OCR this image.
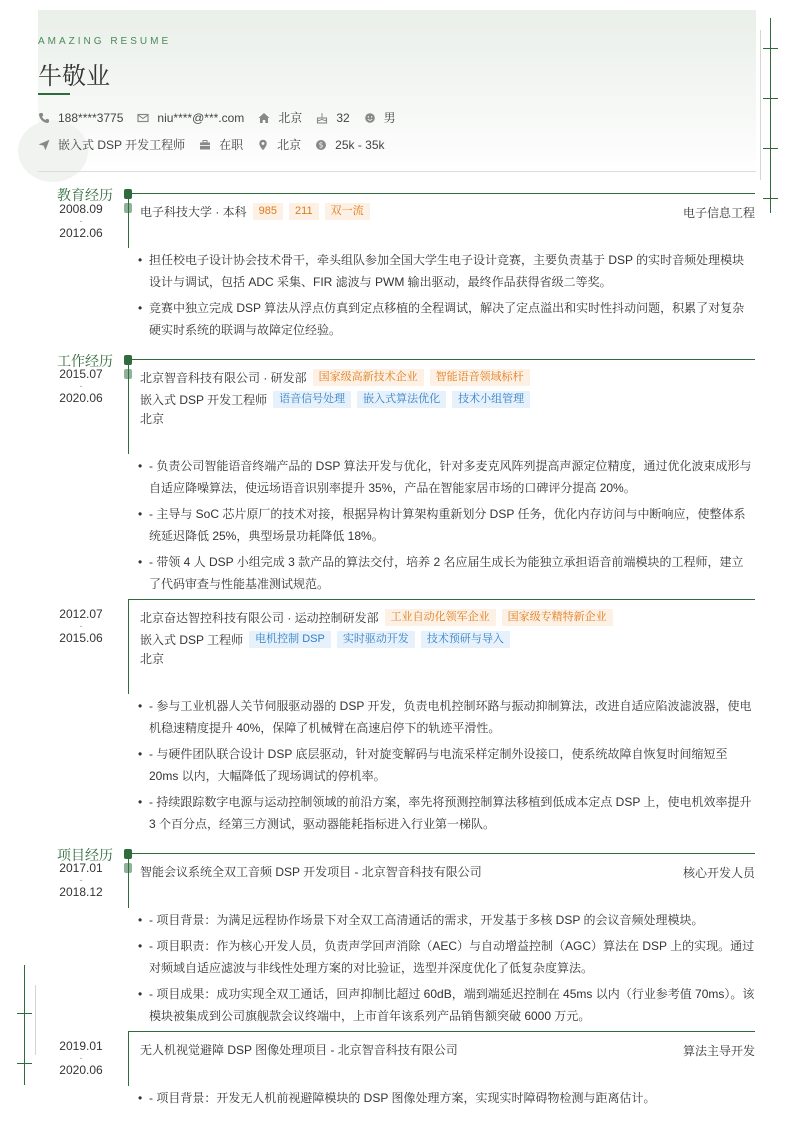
AMAZING RESUME
牛敬业
188****3775	niu****@***.com	北京	32	男
嵌入式 DSP 开发工程师	在职	北京 $ 25k - 35k
教育经历
2008.09
-
2012.06
电子科技大学 · 本科	985	211	双一流	电子信息工程
• 担任校电子设计协会技术骨干，牵头组队参加全国大学生电子设计竞赛，主要负责基于 DSP 的实时音频处理模块设计与调试，包括 ADC 采集、FIR 滤波与 PWM 输出驱动，最终作品获得省级二等奖。
• 竞赛中独立完成 DSP 算法从浮点仿真到定点移植的全程调试，解决了定点溢出和实时性抖动问题，积累了对复杂硬实时系统的联调与故障定位经验。
工作经历
2015.07
-
2020.06
北京智音科技有限公司 · 研发部	国家级高新技术企业	智能语音领域标杆
嵌入式 DSP 开发工程师	语音信号处理	嵌入式算法优化	技术小组管理
北京
• - 负责公司智能语音终端产品的 DSP 算法开发与优化，针对多麦克风阵列提高声源定位精度，通过优化波束成形与自适应降噪算法，使远场语音识别率提升 35%，产品在智能家居市场的口碑评分提高 20%。
• - 主导与 SoC 芯片原厂的技术对接，根据异构计算架构重新划分 DSP 任务，优化内存访问与中断响应，使整体系统延迟降低 25%，典型场景功耗降低 18%。
• - 带领 4 人 DSP 小组完成 3 款产品的算法交付，培养 2 名应届生成长为能独立承担语音前端模块的工程师，建立了代码审查与性能基准测试规范。
2012.07
-
2015.06
北京奋达智控科技有限公司 · 运动控制研发部	工业自动化领军企业	国家级专精特新企业
嵌入式 DSP 工程师	电机控制 DSP	实时驱动开发	技术预研与导入
北京
• - 参与工业机器人关节伺服驱动器的 DSP 开发，负责电机控制环路与振动抑制算法，改进自适应陷波滤波器，使电机稳速精度提升 40%，保障了机械臂在高速启停下的轨迹平滑性。
• - 与硬件团队联合设计 DSP 底层驱动，针对旋变解码与电流采样定制外设接口，使系统故障自恢复时间缩短至 20ms 以内，大幅降低了现场调试的停机率。
• - 持续跟踪数字电源与运动控制领域的前沿方案，率先将预测控制算法移植到低成本定点 DSP 上，使电机效率提升 3 个百分点，经第三方测试，驱动器能耗指标进入行业第一梯队。
项目经历
2017.01
-
2018.12
智能会议系统全双工音频 DSP 开发项目 - 北京智音科技有限公司	核心开发人员
• - 项目背景：为满足远程协作场景下对全双工高清通话的需求，开发基于多核 DSP 的会议音频处理模块。
• - 项目职责：作为核心开发人员，负责声学回声消除（AEC）与自动增益控制（AGC）算法在 DSP 上的实现。通过对频域自适应滤波与非线性处理方案的对比验证，选型并深度优化了低复杂度算法。
• - 项目成果：成功实现全双工通话，回声抑制比超过 60dB，端到端延迟控制在 45ms 以内（行业参考值 70ms）。该模块被集成到公司旗舰款会议终端中，上市首年该系列产品销售额突破 6000 万元。
2019.01
-
2020.06
无人机视觉避障 DSP 图像处理项目 - 北京智音科技有限公司	算法主导开发
• - 项目背景：开发无人机前视避障模块的 DSP 图像处理方案，实现实时障碍物检测与距离估计。
